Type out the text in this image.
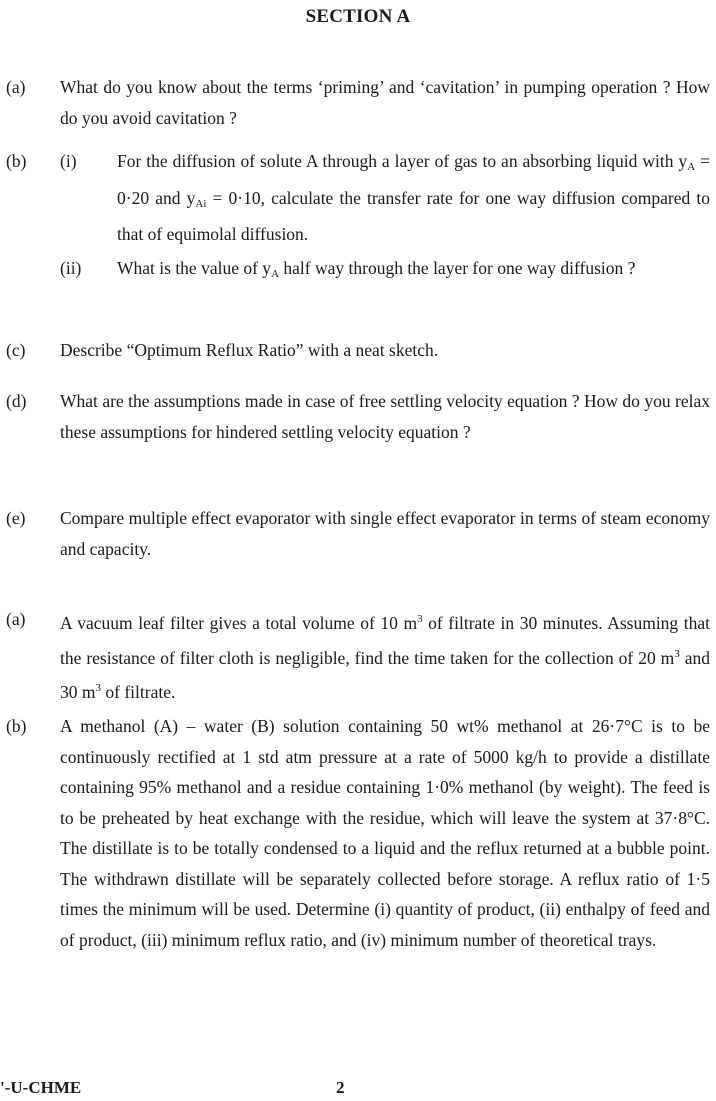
SECTION A
(a) What do you know about the terms ‘priming’ and ‘cavitation’ in pumping operation ? How do you avoid cavitation ?
(b) (i) For the diffusion of solute A through a layer of gas to an absorbing liquid with $y_A = 0\cdot 20$ and $y_{Ai} = 0\cdot 10$, calculate the transfer rate for one way diffusion compared to that of equimolal diffusion.
(ii) What is the value of $y_A$ half way through the layer for one way diffusion ?
(c) Describe “Optimum Reflux Ratio” with a neat sketch.
(d) What are the assumptions made in case of free settling velocity equation ? How do you relax these assumptions for hindered settling velocity equation ?
(e) Compare multiple effect evaporator with single effect evaporator in terms of steam economy and capacity.
(a) A vacuum leaf filter gives a total volume of 10 $m^3$ of filtrate in 30 minutes. Assuming that the resistance of filter cloth is negligible, find the time taken for the collection of 20 $m^3$ and 30 $m^3$ of filtrate.
(b) A methanol (A) – water (B) solution containing 50 wt% methanol at 26·7°C is to be continuously rectified at 1 std atm pressure at a rate of 5000 kg/h to provide a distillate containing 95% methanol and a residue containing 1·0% methanol (by weight). The feed is to be preheated by heat exchange with the residue, which will leave the system at 37·8°C. The distillate is to be totally condensed to a liquid and the reflux returned at a bubble point. The withdrawn distillate will be separately collected before storage. A reflux ratio of 1·5 times the minimum will be used. Determine (i) quantity of product, (ii) enthalpy of feed and of product, (iii) minimum reflux ratio, and (iv) minimum number of theoretical trays.
'-U-CHME	2
